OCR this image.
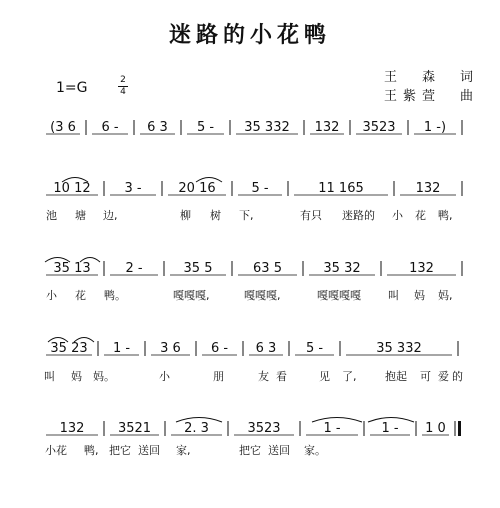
迷路的小花鸭
王　森　词
王紫萱　曲
1=G	2
4
(3 6 6 - 6 3 5 - 35 332 132 3523 1 -)
10 12	3 -	20 16	5 -	11 165	132
池 塘 边,	柳 树 下,	有只 迷路的 小 花 鸭,
35 13	2 -	35 5	63 5	35 32	132
小 花 鸭。	嘎嘎嘎,	嘎嘎嘎,	嘎嘎嘎嘎 叫 妈 妈,
35 23 1 - 3 6 6 - 6 3 5 -	35 332
叫 妈 妈。	小	朋	友 看	见 了,	抱起 可 爱 的
132	3521	2. 3	3523	1 -	1 - 1 0
小花 鸭, 把它 送回 家,	把它 送回 家。
